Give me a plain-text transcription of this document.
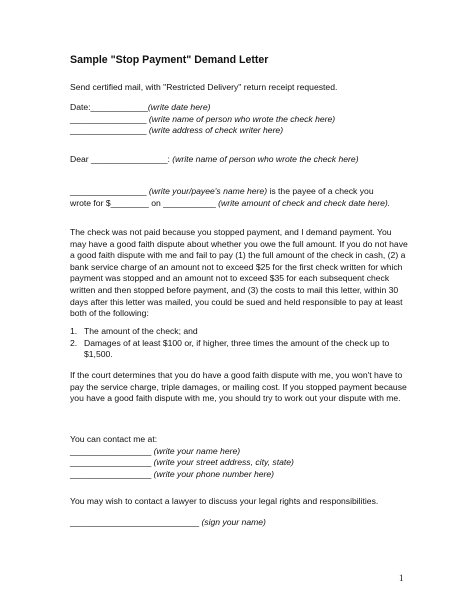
Sample "Stop Payment" Demand Letter
Send certified mail, with "Restricted Delivery" return receipt requested.
Date:____________(write date here)
________________ (write name of person who wrote the check here)
________________ (write address of check writer here)
Dear ________________: (write name of person who wrote the check here)
________________ (write your/payee's name here) is the payee of a check you
wrote for $________ on ___________ (write amount of check and check date here).
The check was not paid because you stopped payment, and I demand payment. You may have a good faith dispute about whether you owe the full amount. If you do not have a good faith dispute with me and fail to pay (1) the full amount of the check in cash, (2) a bank service charge of an amount not to exceed $25 for the first check written for which payment was stopped and an amount not to exceed $35 for each subsequent check written and then stopped before payment, and (3) the costs to mail this letter, within 30 days after this letter was mailed, you could be sued and held responsible to pay at least both of the following:
1. The amount of the check; and
2. Damages of at least $100 or, if higher, three times the amount of the check up to $1,500.
If the court determines that you do have a good faith dispute with me, you won't have to pay the service charge, triple damages, or mailing cost. If you stopped payment because you have a good faith dispute with me, you should try to work out your dispute with me.
You can contact me at:
_________________ (write your name here)
_________________ (write your street address, city, state)
_________________ (write your phone number here)
You may wish to contact a lawyer to discuss your legal rights and responsibilities.
___________________________ (sign your name)
1
